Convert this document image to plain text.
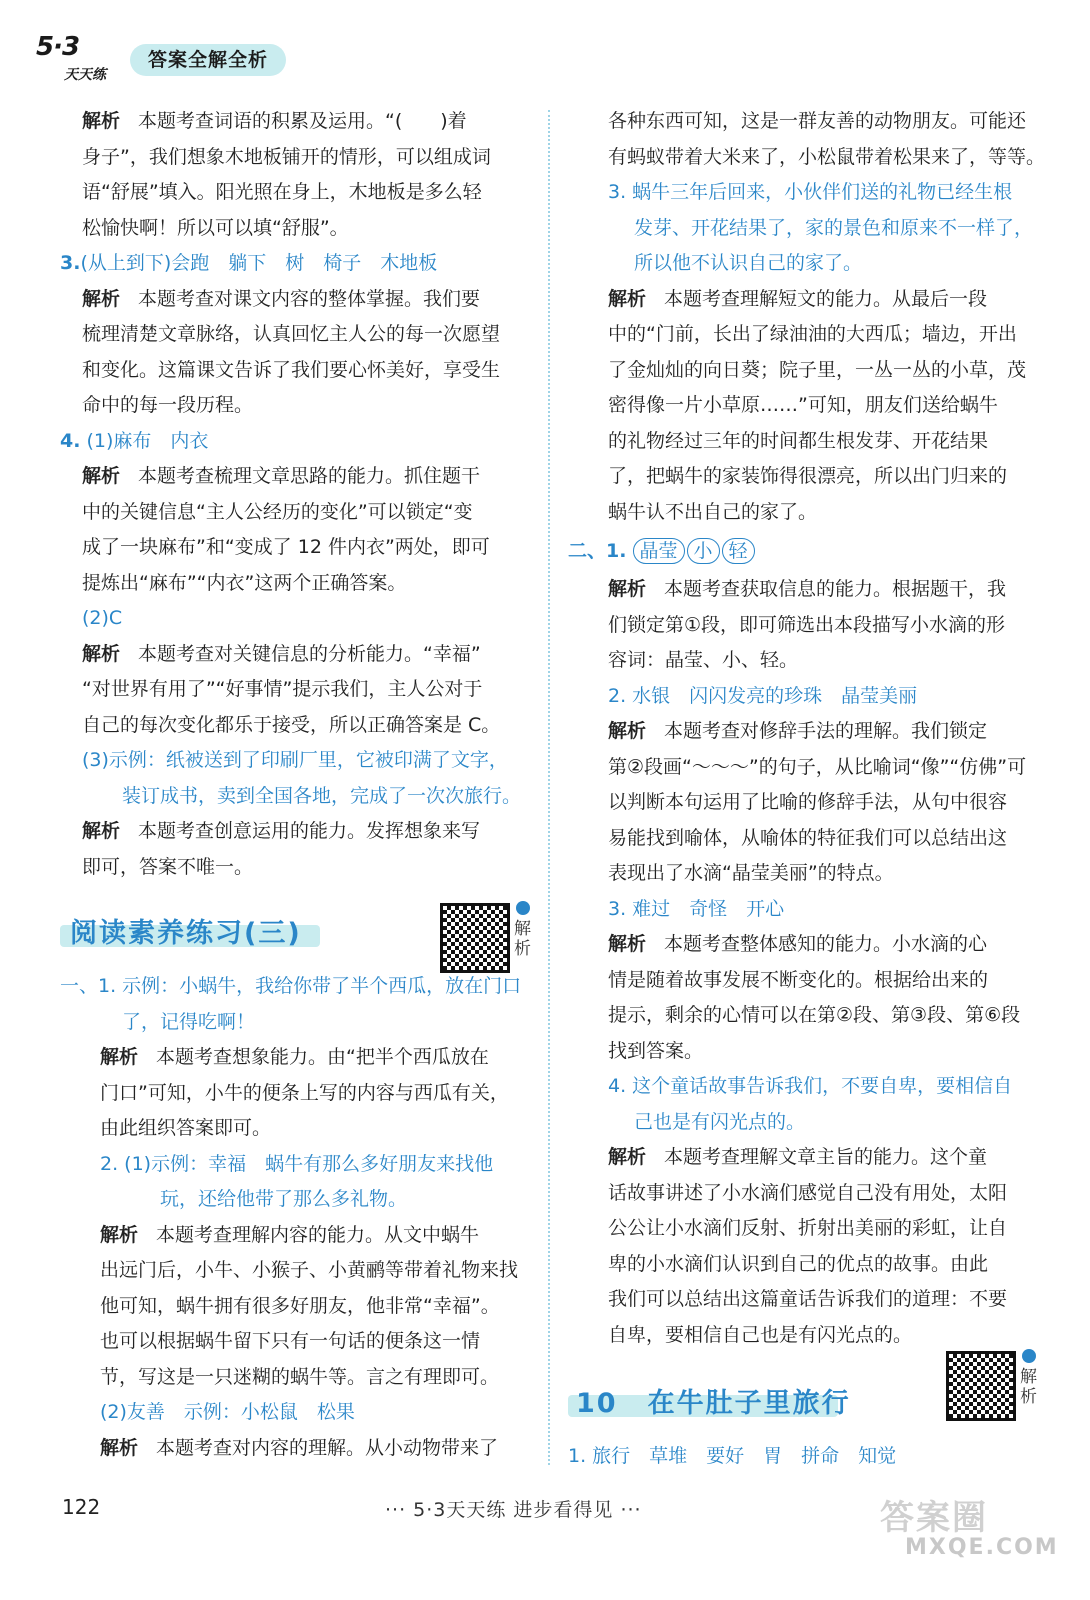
5·3
天天练
答案全解全析
解析 本题考查词语的积累及运用。“(　　)着
身子”，我们想象木地板铺开的情形，可以组成词
语“舒展”填入。阳光照在身上，木地板是多么轻
松愉快啊！所以可以填“舒服”。
3.(从上到下)会跑　躺下　树　椅子　木地板
解析 本题考查对课文内容的整体掌握。我们要
梳理清楚文章脉络，认真回忆主人公的每一次愿望
和变化。这篇课文告诉了我们要心怀美好，享受生
命中的每一段历程。
4. (1)麻布　内衣
解析 本题考查梳理文章思路的能力。抓住题干
中的关键信息“主人公经历的变化”可以锁定“变
成了一块麻布”和“变成了 12 件内衣”两处，即可
提炼出“麻布”“内衣”这两个正确答案。
(2)C
解析 本题考查对关键信息的分析能力。“幸福”
“对世界有用了”“好事情”提示我们，主人公对于
自己的每次变化都乐于接受，所以正确答案是 C。
(3)示例：纸被送到了印刷厂里，它被印满了文字，
装订成书，卖到全国各地，完成了一次次旅行。
解析 本题考查创意运用的能力。发挥想象来写
即可，答案不唯一。
阅读素养练习(三)	解析
一、1. 示例：小蜗牛，我给你带了半个西瓜，放在门口
了，记得吃啊！
解析 本题考查想象能力。由“把半个西瓜放在
门口”可知，小牛的便条上写的内容与西瓜有关，
由此组织答案即可。
2. (1)示例：幸福　蜗牛有那么多好朋友来找他
玩，还给他带了那么多礼物。
解析 本题考查理解内容的能力。从文中蜗牛
出远门后，小牛、小猴子、小黄鹂等带着礼物来找
他可知，蜗牛拥有很多好朋友，他非常“幸福”。
也可以根据蜗牛留下只有一句话的便条这一情
节，写这是一只迷糊的蜗牛等。言之有理即可。
(2)友善　示例：小松鼠　松果
解析 本题考查对内容的理解。从小动物带来了
各种东西可知，这是一群友善的动物朋友。可能还
有蚂蚁带着大米来了，小松鼠带着松果来了，等等。
3. 蜗牛三年后回来，小伙伴们送的礼物已经生根
发芽、开花结果了，家的景色和原来不一样了，
所以他不认识自己的家了。
解析 本题考查理解短文的能力。从最后一段
中的“门前，长出了绿油油的大西瓜；墙边，开出
了金灿灿的向日葵；院子里，一丛一丛的小草，茂
密得像一片小草原……”可知，朋友们送给蜗牛
的礼物经过三年的时间都生根发芽、开花结果
了，把蜗牛的家装饰得很漂亮，所以出门归来的
蜗牛认不出自己的家了。
二、1. 晶莹 小 轻
解析 本题考查获取信息的能力。根据题干，我
们锁定第①段，即可筛选出本段描写小水滴的形
容词：晶莹、小、轻。
2. 水银　闪闪发亮的珍珠　晶莹美丽
解析 本题考查对修辞手法的理解。我们锁定
第②段画“～～～”的句子，从比喻词“像”“仿佛”可
以判断本句运用了比喻的修辞手法，从句中很容
易能找到喻体，从喻体的特征我们可以总结出这
表现出了水滴“晶莹美丽”的特点。
3. 难过　奇怪　开心
解析 本题考查整体感知的能力。小水滴的心
情是随着故事发展不断变化的。根据给出来的
提示，剩余的心情可以在第②段、第③段、第⑥段
找到答案。
4. 这个童话故事告诉我们，不要自卑，要相信自
己也是有闪光点的。
解析 本题考查理解文章主旨的能力。这个童
话故事讲述了小水滴们感觉自己没有用处，太阳
公公让小水滴们反射、折射出美丽的彩虹，让自
卑的小水滴们认识到自己的优点的故事。由此
我们可以总结出这篇童话告诉我们的道理：不要
自卑，要相信自己也是有闪光点的。
10 在牛肚子里旅行
解析
1. 旅行　草堆　要好　胃　拼命　知觉
122	··· 5·3天天练 进步看得见 ···	答案圈
MXQE.COM
